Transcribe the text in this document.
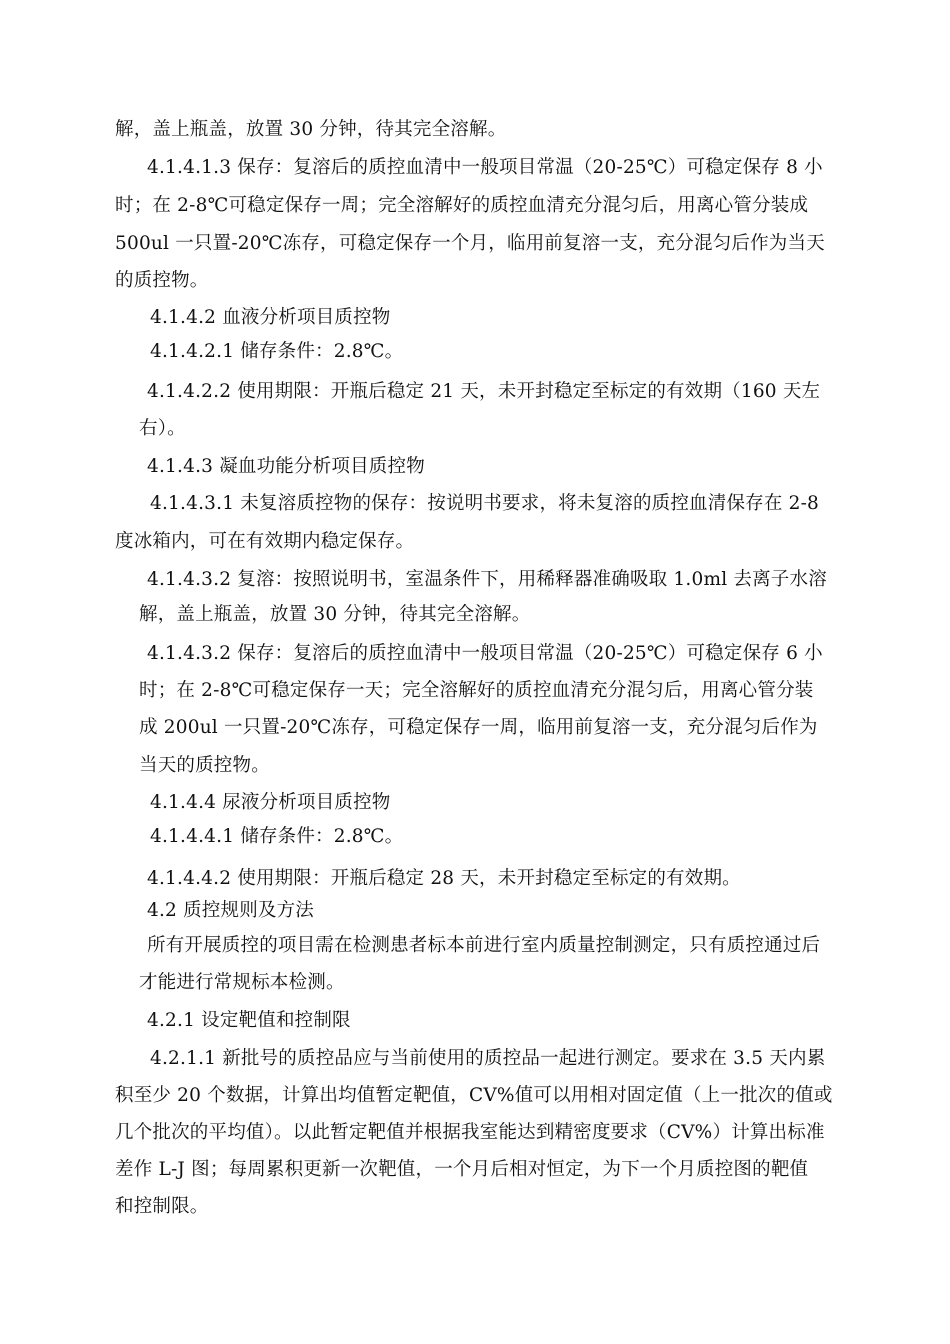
解，盖上瓶盖，放置 30 分钟，待其完全溶解。
4.1.4.1.3 保存：复溶后的质控血清中一般项目常温（20-25℃）可稳定保存 8 小
时；在 2-8℃可稳定保存一周；完全溶解好的质控血清充分混匀后，用离心管分装成
500ul 一只置-20℃冻存，可稳定保存一个月，临用前复溶一支，充分混匀后作为当天
的质控物。
4.1.4.2 血液分析项目质控物
4.1.4.2.1 储存条件：2.8℃。
4.1.4.2.2 使用期限：开瓶后稳定 21 天，未开封稳定至标定的有效期（160 天左
右）。
4.1.4.3 凝血功能分析项目质控物
4.1.4.3.1 未复溶质控物的保存：按说明书要求，将未复溶的质控血清保存在 2-8
度冰箱内，可在有效期内稳定保存。
4.1.4.3.2 复溶：按照说明书，室温条件下，用稀释器准确吸取 1.0ml 去离子水溶
解，盖上瓶盖，放置 30 分钟，待其完全溶解。
4.1.4.3.2 保存：复溶后的质控血清中一般项目常温（20-25℃）可稳定保存 6 小
时；在 2-8℃可稳定保存一天；完全溶解好的质控血清充分混匀后，用离心管分装
成 200ul 一只置-20℃冻存，可稳定保存一周，临用前复溶一支，充分混匀后作为
当天的质控物。
4.1.4.4 尿液分析项目质控物
4.1.4.4.1 储存条件：2.8℃。
4.1.4.4.2 使用期限：开瓶后稳定 28 天，未开封稳定至标定的有效期。
4.2 质控规则及方法
所有开展质控的项目需在检测患者标本前进行室内质量控制测定，只有质控通过后
才能进行常规标本检测。
4.2.1 设定靶值和控制限
4.2.1.1 新批号的质控品应与当前使用的质控品一起进行测定。要求在 3.5 天内累
积至少 20 个数据，计算出均值暂定靶值，CV%值可以用相对固定值（上一批次的值或
几个批次的平均值）。以此暂定靶值并根据我室能达到精密度要求（CV%）计算出标准
差作 L-J 图；每周累积更新一次靶值，一个月后相对恒定，为下一个月质控图的靶值
和控制限。
